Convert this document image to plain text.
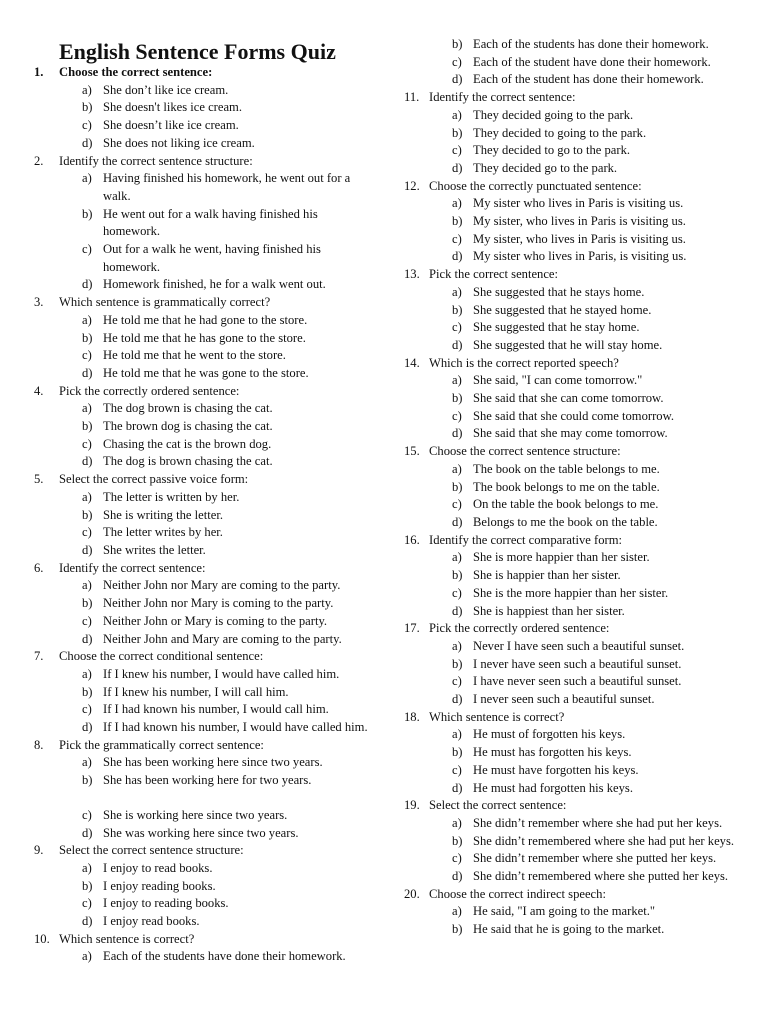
English Sentence Forms Quiz
1. Choose the correct sentence:
a) She don’t like ice cream.
b) She doesn't likes ice cream.
c) She doesn’t like ice cream.
d) She does not liking ice cream.
2. Identify the correct sentence structure:
a) Having finished his homework, he went out for a walk.
b) He went out for a walk having finished his homework.
c) Out for a walk he went, having finished his homework.
d) Homework finished, he for a walk went out.
3. Which sentence is grammatically correct?
a) He told me that he had gone to the store.
b) He told me that he has gone to the store.
c) He told me that he went to the store.
d) He told me that he was gone to the store.
4. Pick the correctly ordered sentence:
a) The dog brown is chasing the cat.
b) The brown dog is chasing the cat.
c) Chasing the cat is the brown dog.
d) The dog is brown chasing the cat.
5. Select the correct passive voice form:
a) The letter is written by her.
b) She is writing the letter.
c) The letter writes by her.
d) She writes the letter.
6. Identify the correct sentence:
a) Neither John nor Mary are coming to the party.
b) Neither John nor Mary is coming to the party.
c) Neither John or Mary is coming to the party.
d) Neither John and Mary are coming to the party.
7. Choose the correct conditional sentence:
a) If I knew his number, I would have called him.
b) If I knew his number, I will call him.
c) If I had known his number, I would call him.
d) If I had known his number, I would have called him.
8. Pick the grammatically correct sentence:
a) She has been working here since two years.
b) She has been working here for two years.
c) She is working here since two years.
d) She was working here since two years.
9. Select the correct sentence structure:
a) I enjoy to read books.
b) I enjoy reading books.
c) I enjoy to reading books.
d) I enjoy read books.
10. Which sentence is correct?
a) Each of the students have done their homework.
b) Each of the students has done their homework.
c) Each of the student have done their homework.
d) Each of the student has done their homework.
11. Identify the correct sentence:
a) They decided going to the park.
b) They decided to going to the park.
c) They decided to go to the park.
d) They decided go to the park.
12. Choose the correctly punctuated sentence:
a) My sister who lives in Paris is visiting us.
b) My sister, who lives in Paris is visiting us.
c) My sister, who lives in Paris is visiting us.
d) My sister who lives in Paris, is visiting us.
13. Pick the correct sentence:
a) She suggested that he stays home.
b) She suggested that he stayed home.
c) She suggested that he stay home.
d) She suggested that he will stay home.
14. Which is the correct reported speech?
a) She said, "I can come tomorrow."
b) She said that she can come tomorrow.
c) She said that she could come tomorrow.
d) She said that she may come tomorrow.
15. Choose the correct sentence structure:
a) The book on the table belongs to me.
b) The book belongs to me on the table.
c) On the table the book belongs to me.
d) Belongs to me the book on the table.
16. Identify the correct comparative form:
a) She is more happier than her sister.
b) She is happier than her sister.
c) She is the more happier than her sister.
d) She is happiest than her sister.
17. Pick the correctly ordered sentence:
a) Never I have seen such a beautiful sunset.
b) I never have seen such a beautiful sunset.
c) I have never seen such a beautiful sunset.
d) I never seen such a beautiful sunset.
18. Which sentence is correct?
a) He must of forgotten his keys.
b) He must has forgotten his keys.
c) He must have forgotten his keys.
d) He must had forgotten his keys.
19. Select the correct sentence:
a) She didn’t remember where she had put her keys.
b) She didn’t remembered where she had put her keys.
c) She didn’t remember where she putted her keys.
d) She didn’t remembered where she putted her keys.
20. Choose the correct indirect speech:
a) He said, "I am going to the market."
b) He said that he is going to the market.
